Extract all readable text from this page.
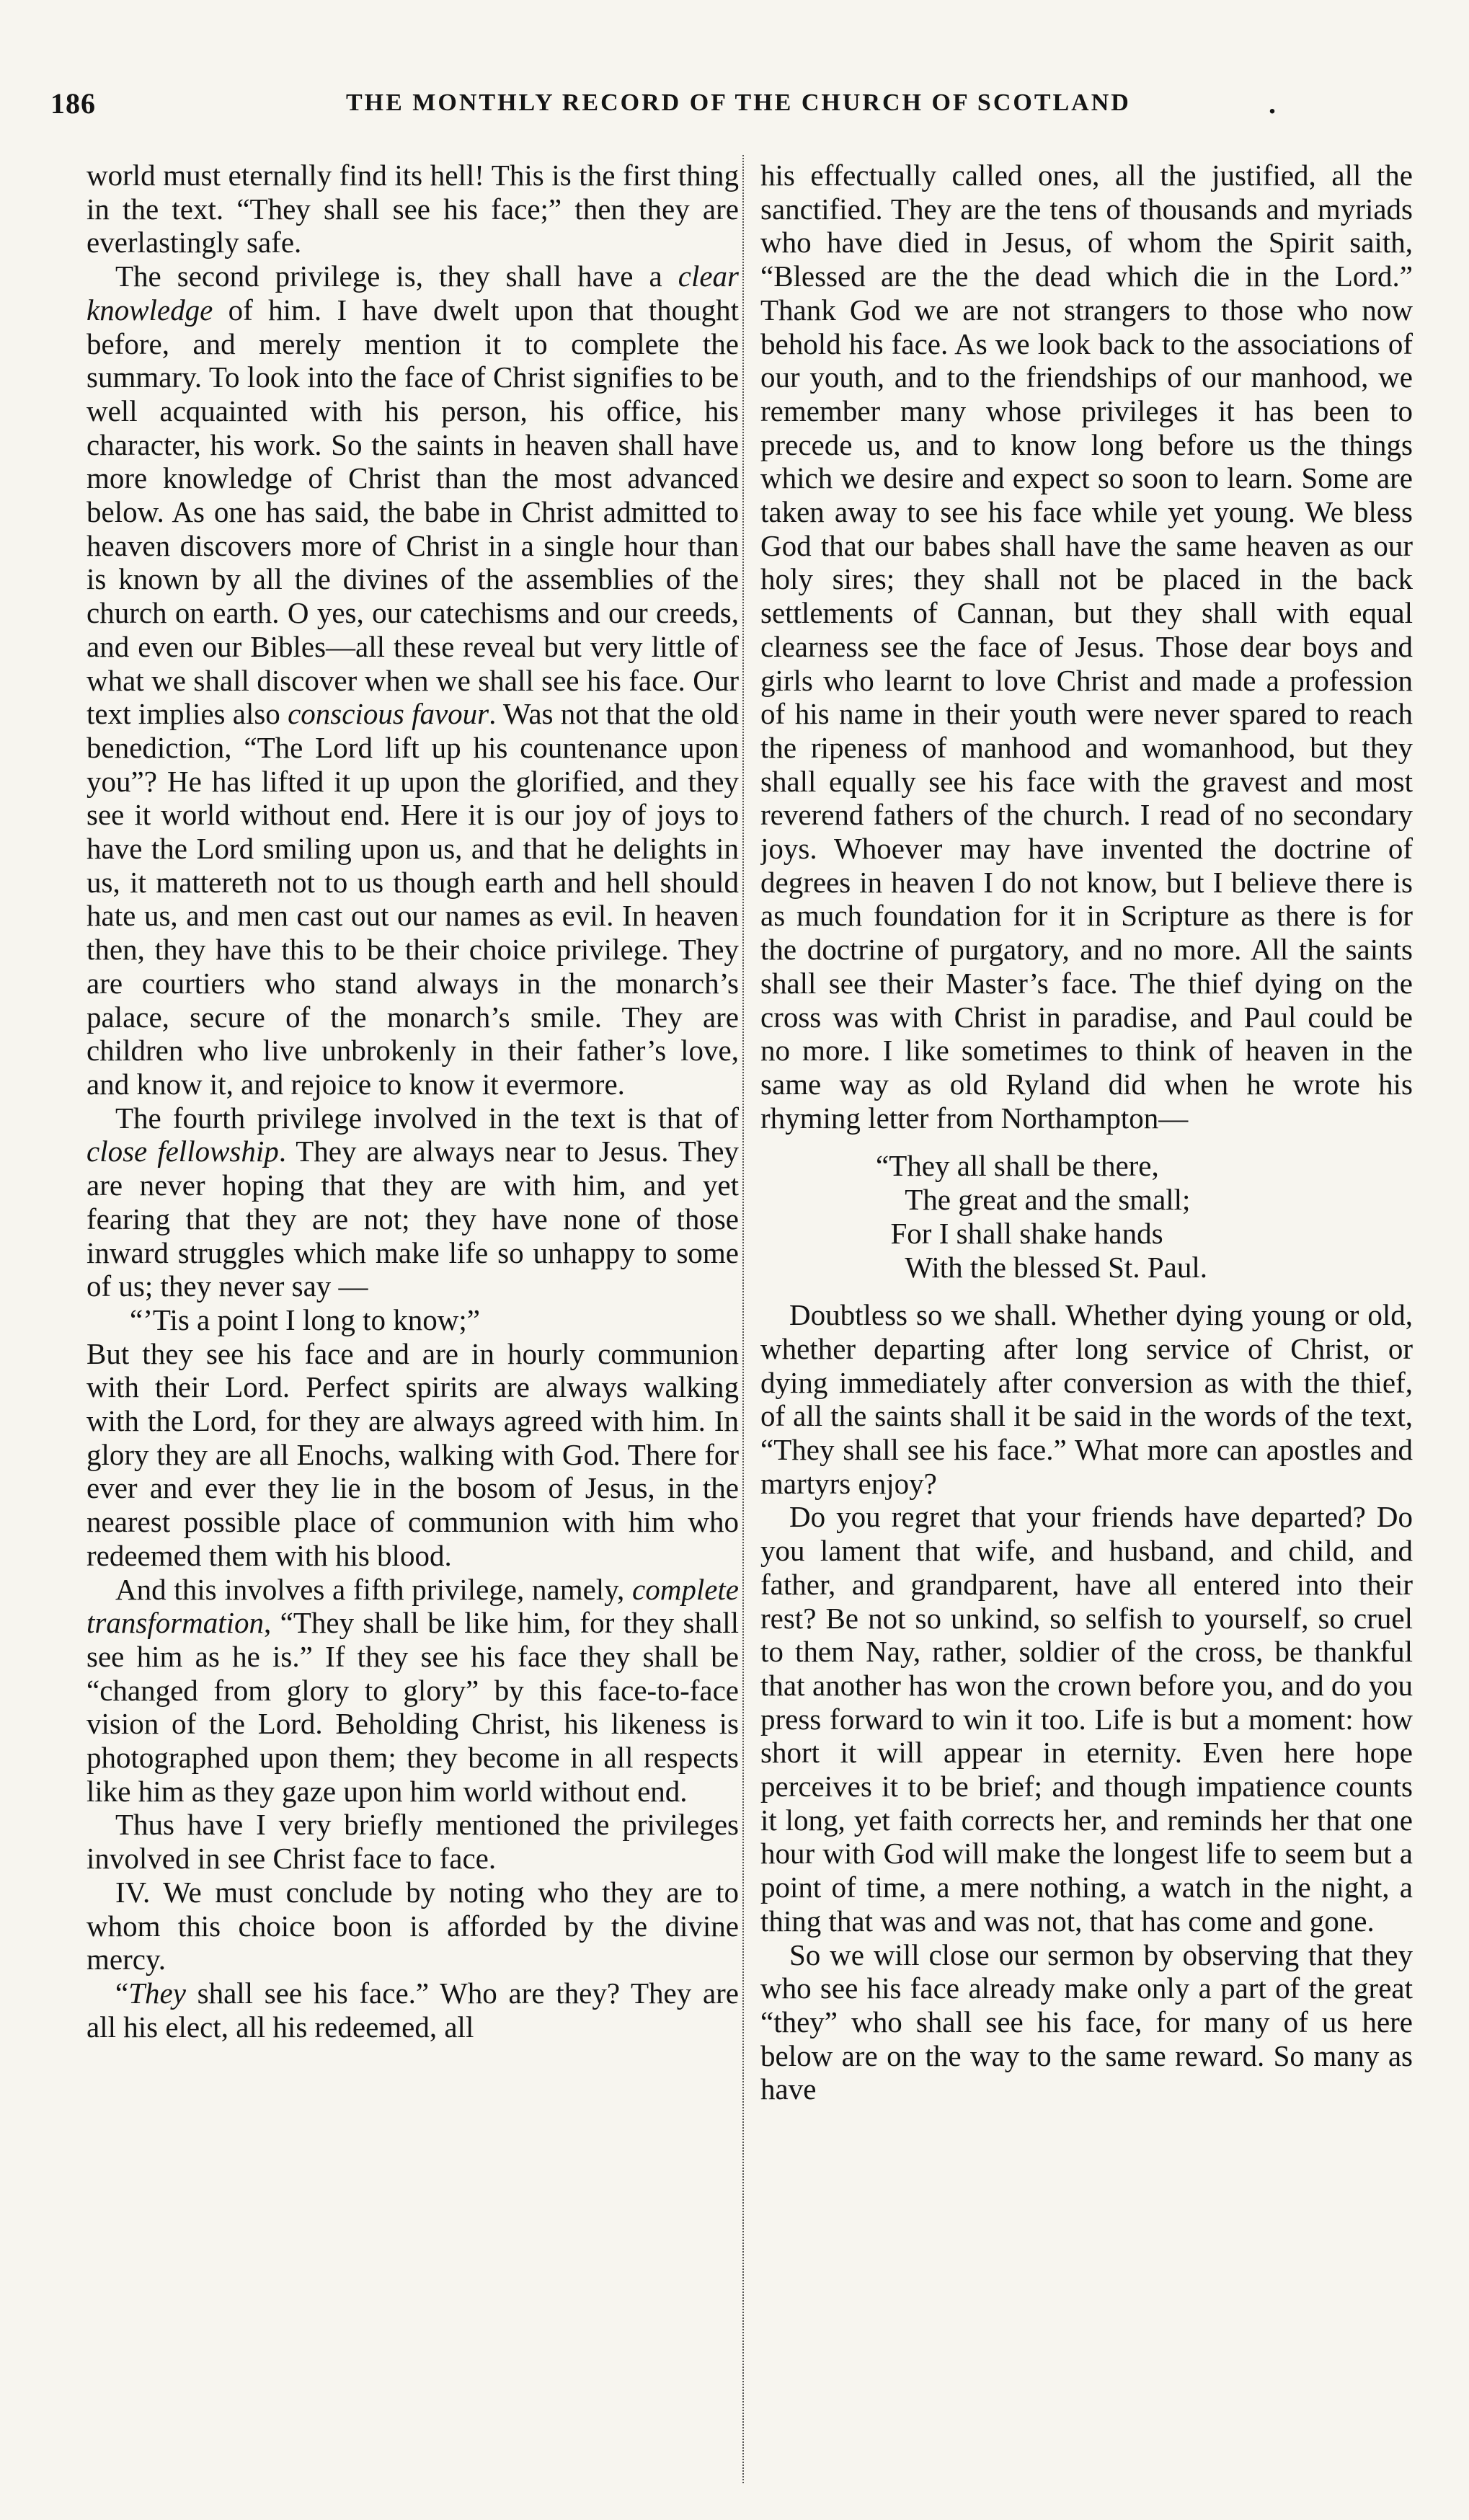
186	THE MONTHLY RECORD OF THE CHURCH OF SCOTLAND	.

world must eternally find its hell! This is the first thing in the text. “They shall see his face;” then they are everlastingly safe.

The second privilege is, they shall have a clear knowledge of him. I have dwelt upon that thought before, and merely mention it to complete the summary. To look into the face of Christ signifies to be well acquainted with his person, his office, his character, his work. So the saints in heaven shall have more knowledge of Christ than the most advanced below. As one has said, the babe in Christ admitted to heaven discovers more of Christ in a single hour than is known by all the divines of the assemblies of the church on earth. O yes, our catechisms and our creeds, and even our Bibles—all these reveal but very little of what we shall discover when we shall see his face. Our text implies also conscious favour. Was not that the old benediction, “The Lord lift up his countenance upon you”? He has lifted it up upon the glorified, and they see it world without end. Here it is our joy of joys to have the Lord smiling upon us, and that he delights in us, it mattereth not to us though earth and hell should hate us, and men cast out our names as evil. In heaven then, they have this to be their choice privilege. They are courtiers who stand always in the monarch’s palace, secure of the monarch’s smile. They are children who live unbrokenly in their father’s love, and know it, and rejoice to know it evermore.

The fourth privilege involved in the text is that of close fellowship. They are always near to Jesus. They are never hoping that they are with him, and yet fearing that they are not; they have none of those inward struggles which make life so unhappy to some of us; they never say —

“’Tis a point I long to know;”

But they see his face and are in hourly communion with their Lord. Perfect spirits are always walking with the Lord, for they are always agreed with him. In glory they are all Enochs, walking with God. There for ever and ever they lie in the bosom of Jesus, in the nearest possible place of communion with him who redeemed them with his blood.

And this involves a fifth privilege, namely, complete transformation, “They shall be like him, for they shall see him as he is.” If they see his face they shall be “changed from glory to glory” by this face-to-face vision of the Lord. Beholding Christ, his likeness is photographed upon them; they become in all respects like him as they gaze upon him world without end.

Thus have I very briefly mentioned the privileges involved in see Christ face to face.

IV. We must conclude by noting who they are to whom this choice boon is afforded by the divine mercy.

“They shall see his face.” Who are they? They are all his elect, all his redeemed, all

his effectually called ones, all the justified, all the sanctified. They are the tens of thousands and myriads who have died in Jesus, of whom the Spirit saith, “Blessed are the the dead which die in the Lord.” Thank God we are not strangers to those who now behold his face. As we look back to the associations of our youth, and to the friendships of our manhood, we remember many whose privileges it has been to precede us, and to know long before us the things which we desire and expect so soon to learn. Some are taken away to see his face while yet young. We bless God that our babes shall have the same heaven as our holy sires; they shall not be placed in the back settlements of Cannan, but they shall with equal clearness see the face of Jesus. Those dear boys and girls who learnt to love Christ and made a profession of his name in their youth were never spared to reach the ripeness of manhood and womanhood, but they shall equally see his face with the gravest and most reverend fathers of the church. I read of no secondary joys. Whoever may have invented the doctrine of degrees in heaven I do not know, but I believe there is as much foundation for it in Scripture as there is for the doctrine of purgatory, and no more. All the saints shall see their Master’s face. The thief dying on the cross was with Christ in paradise, and Paul could be no more. I like sometimes to think of heaven in the same way as old Ryland did when he wrote his rhyming letter from Northampton—

“They all shall be there,
The great and the small;
For I shall shake hands
With the blessed St. Paul.

Doubtless so we shall. Whether dying young or old, whether departing after long service of Christ, or dying immediately after conversion as with the thief, of all the saints shall it be said in the words of the text, “They shall see his face.” What more can apostles and martyrs enjoy?

Do you regret that your friends have departed? Do you lament that wife, and husband, and child, and father, and grandparent, have all entered into their rest? Be not so unkind, so selfish to yourself, so cruel to them Nay, rather, soldier of the cross, be thankful that another has won the crown before you, and do you press forward to win it too. Life is but a moment: how short it will appear in eternity. Even here hope perceives it to be brief; and though impatience counts it long, yet faith corrects her, and reminds her that one hour with God will make the longest life to seem but a point of time, a mere nothing, a watch in the night, a thing that was and was not, that has come and gone.

So we will close our sermon by observing that they who see his face already make only a part of the great “they” who shall see his face, for many of us here below are on the way to the same reward. So many as have
